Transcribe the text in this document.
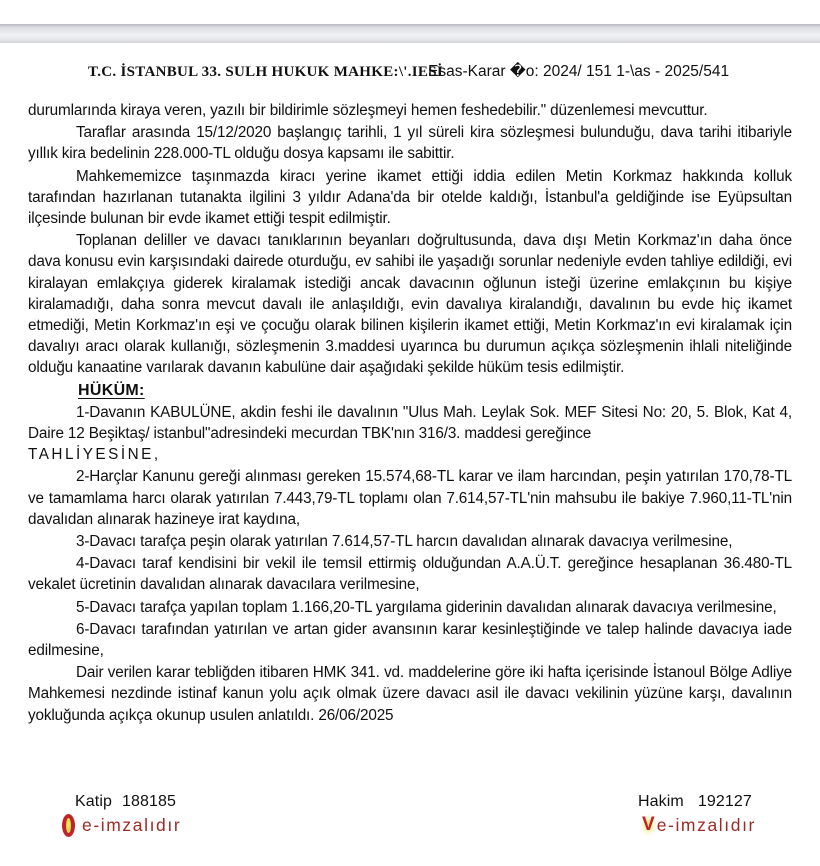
T.C. İSTANBUL 33. SULH HUKUK MAHKE:\'.IESİ
Esas-Karar �o: 2024/ 151 1-\as - 2025/541

durumlarında kiraya veren, yazılı bir bildirimle sözleşmeyi hemen feshedebilir." düzenlemesi mevcuttur.

Taraflar arasında 15/12/2020 başlangıç tarihli, 1 yıl süreli kira sözleşmesi bulunduğu, dava tarihi itibariyle yıllık kira bedelinin 228.000-TL olduğu dosya kapsamı ile sabittir.

Mahkememizce taşınmazda kiracı yerine ikamet ettiği iddia edilen Metin Korkmaz hakkında kolluk tarafından hazırlanan tutanakta ilgilini 3 yıldır Adana'da bir otelde kaldığı, İstanbul'a geldiğinde ise Eyüpsultan ilçesinde bulunan bir evde ikamet ettiği tespit edilmiştir.

Toplanan deliller ve davacı tanıklarının beyanları doğrultusunda, dava dışı Metin Korkmaz'ın daha önce dava konusu evin karşısındaki dairede oturduğu, ev sahibi ile yaşadığı sorunlar nedeniyle evden tahliye edildiği, evi kiralayan emlakçıya giderek kiralamak istediği ancak davacının oğlunun isteği üzerine emlakçının bu kişiye kiralamadığı, daha sonra mevcut davalı ile anlaşıldığı, evin davalıya kiralandığı, davalının bu evde hiç ikamet etmediği, Metin Korkmaz'ın eşi ve çocuğu olarak bilinen kişilerin ikamet ettiği, Metin Korkmaz'ın evi kiralamak için davalıyı aracı olarak kullanığı, sözleşmenin 3.maddesi uyarınca bu durumun açıkça sözleşmenin ihlali niteliğinde olduğu kanaatine varılarak davanın kabulüne dair aşağıdaki şekilde hüküm tesis edilmiştir.

HÜKÜM:

1-Davanın KABULÜNE, akdin feshi ile davalının "Ulus Mah. Leylak Sok. MEF Sitesi No: 20, 5. Blok, Kat 4, Daire 12 Beşiktaş/ istanbul"adresindeki mecurdan TBK'nın 316/3. maddesi gereğince
TAHLİYESİNE,

2-Harçlar Kanunu gereği alınması gereken 15.574,68-TL karar ve ilam harcından, peşin yatırılan 170,78-TL ve tamamlama harcı olarak yatırılan 7.443,79-TL toplamı olan 7.614,57-TL'nin mahsubu ile bakiye 7.960,11-TL'nin davalıdan alınarak hazineye irat kaydına,

3-Davacı tarafça peşin olarak yatırılan 7.614,57-TL harcın davalıdan alınarak davacıya verilmesine,

4-Davacı taraf kendisini bir vekil ile temsil ettirmiş olduğundan A.A.Ü.T. gereğince hesaplanan 36.480-TL vekalet ücretinin davalıdan alınarak davacılara verilmesine,

5-Davacı tarafça yapılan toplam 1.166,20-TL yargılama giderinin davalıdan alınarak davacıya verilmesine,

6-Davacı tarafından yatırılan ve artan gider avansının karar kesinleştiğinde ve talep halinde davacıya iade edilmesine,

Dair verilen karar tebliğden itibaren HMK 341. vd. maddelerine göre iki hafta içerisinde İstanoul Bölge Adliye Mahkemesi nezdinde istinaf kanun yolu açık olmak üzere davacı asil ile davacı vekilinin yüzüne karşı, davalının yokluğunda açıkça okunup usulen anlatıldı. 26/06/2025

Katip 188185
e-imzalıdır
Hakim 192127
V e-imzalıdır
